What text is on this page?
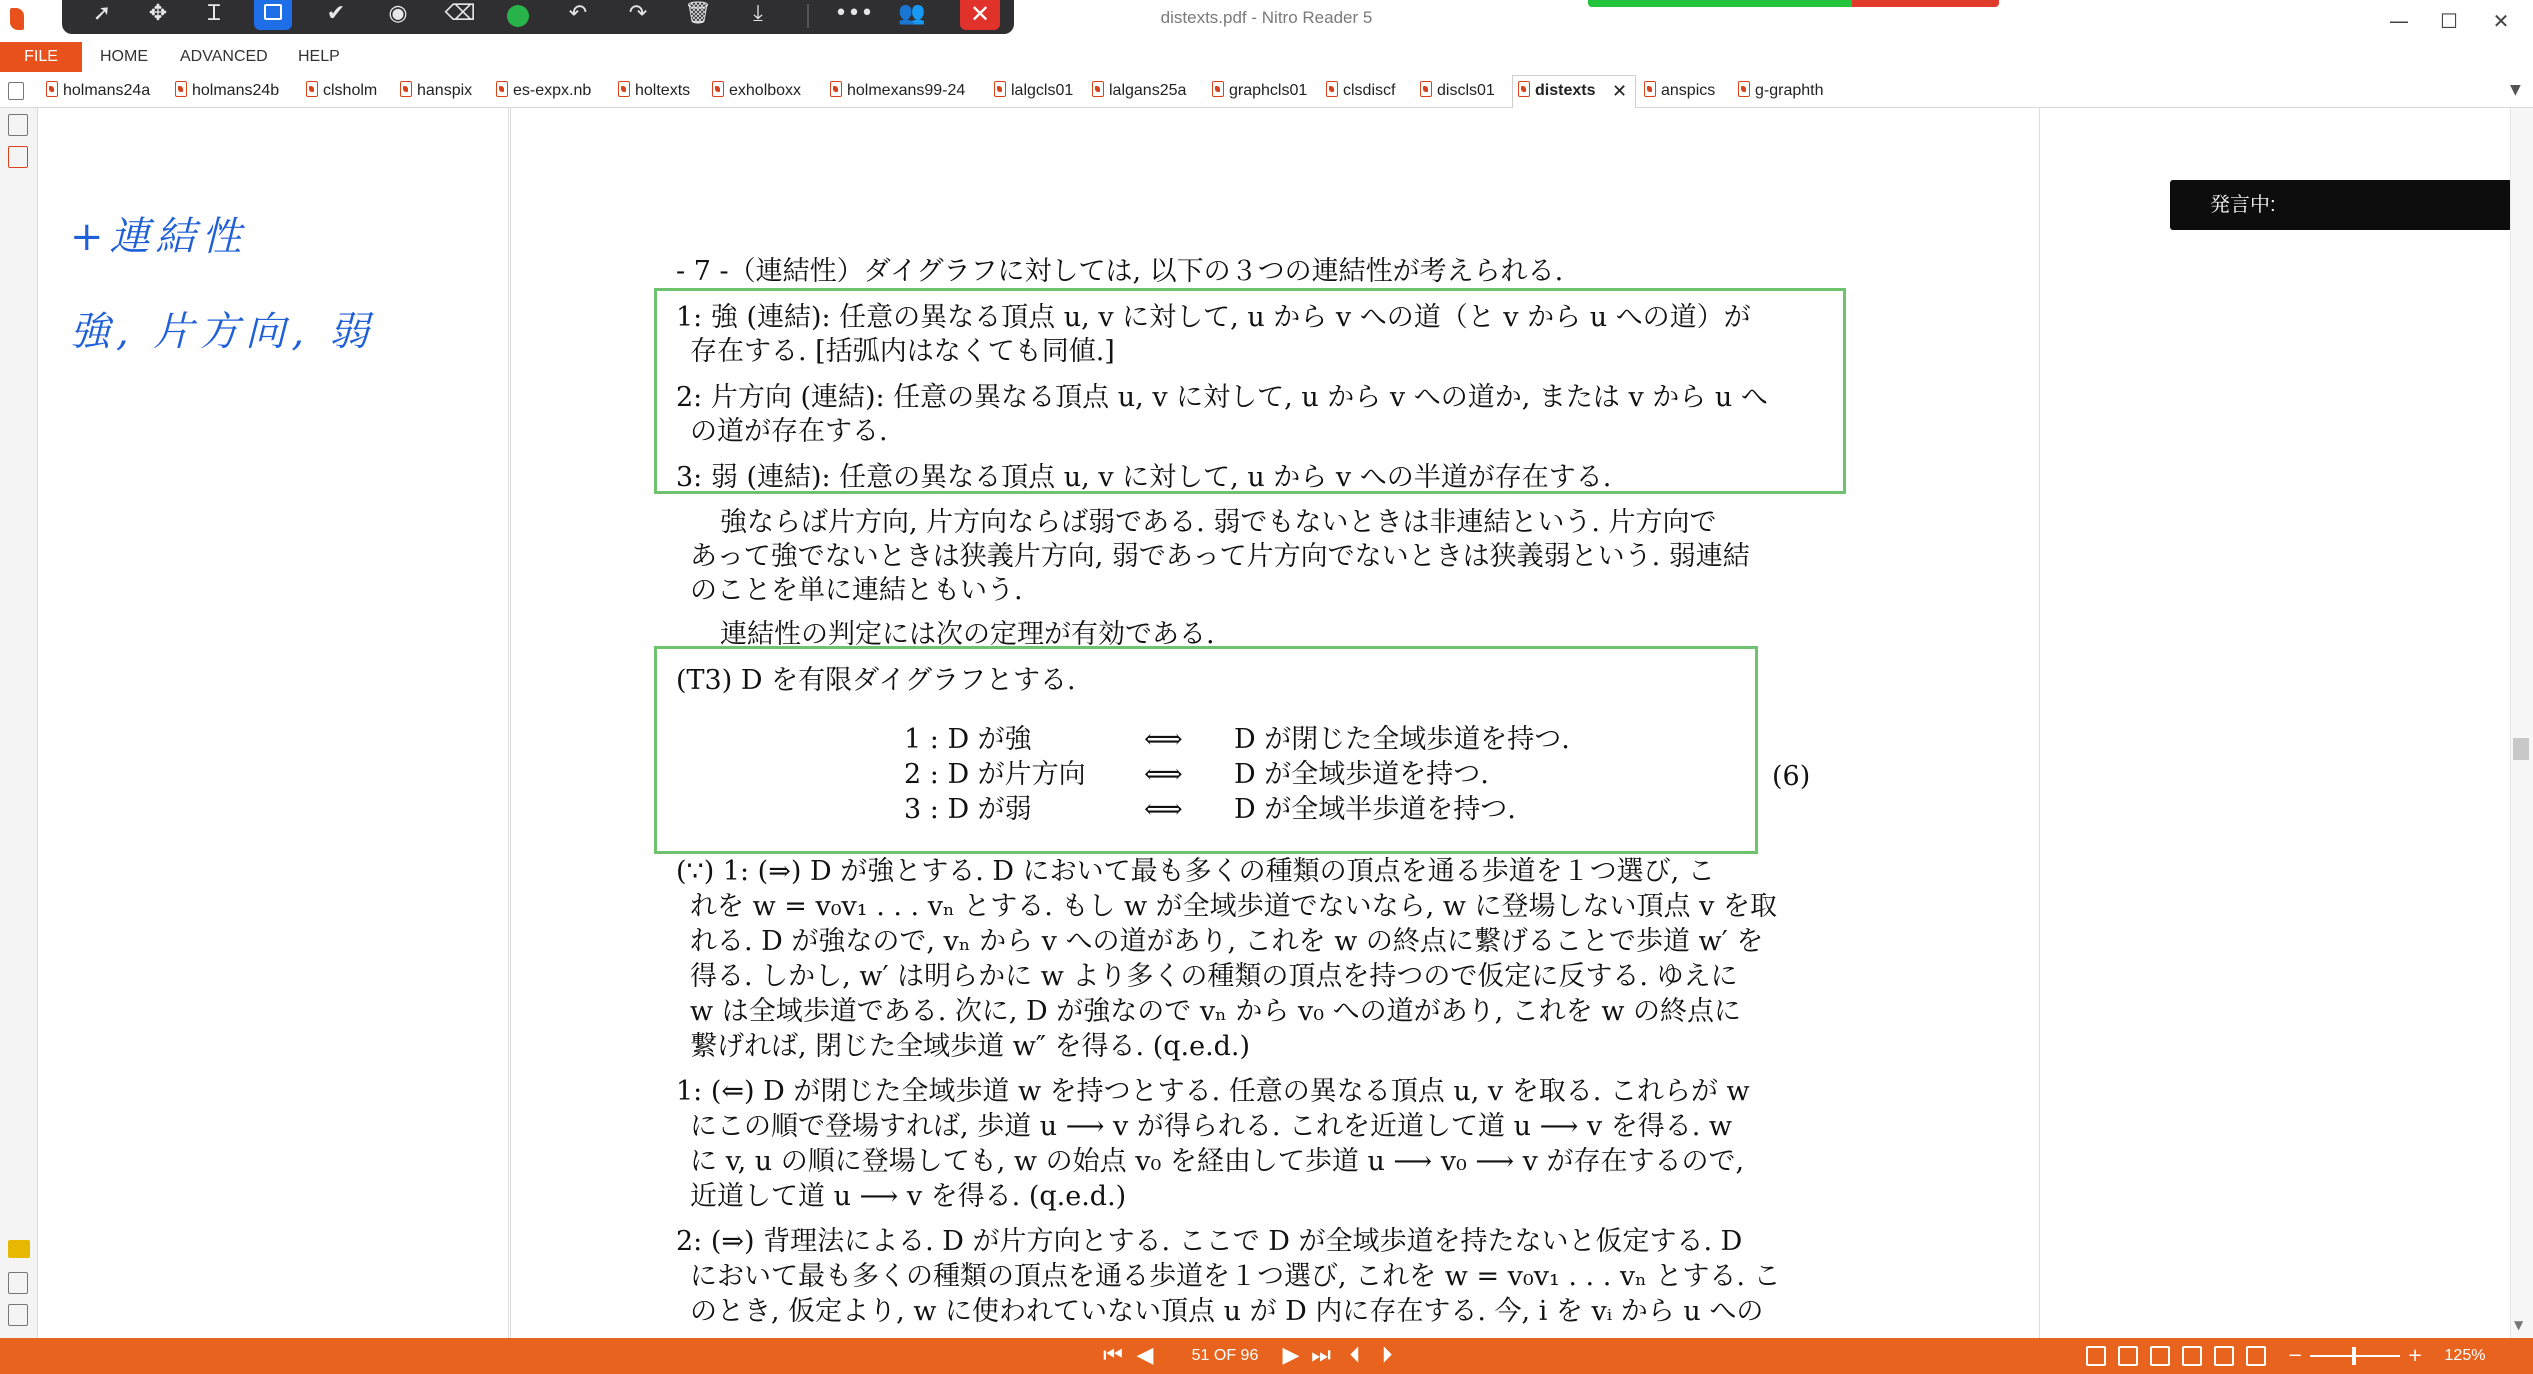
distexts.pdf - Nitro Reader 5	—	☐	✕
➚	✥	Ɪ	✔	◉	⌫	↶	↷	🗑	⤓	••• 👥	✕
FILE	HOME ADVANCED HELP
holmans24a	holmans24b	clsholm	hanspix	es-expx.nb	holtexts	exholboxx	holmexans99-24	lalgcls01	lalgans25a	graphcls01	clsdiscf	discls01	distexts ✕	anspics	g-graphth	▼
+連結性
強, 片方向, 弱
- 7 -（連結性）ダイグラフに対しては, 以下の３つの連結性が考えられる.
1: 強 (連結): 任意の異なる頂点 u, v に対して, u から v への道（と v から u への道）が
存在する. [括弧内はなくても同値.]
2: 片方向 (連結): 任意の異なる頂点 u, v に対して, u から v への道か, または v から u へ
の道が存在する.
3: 弱 (連結): 任意の異なる頂点 u, v に対して, u から v への半道が存在する.
強ならば片方向, 片方向ならば弱である. 弱でもないときは非連結という. 片方向で
あって強でないときは狭義片方向, 弱であって片方向でないときは狭義弱という. 弱連結
のことを単に連結ともいう.
連結性の判定には次の定理が有効である.
(T3) D を有限ダイグラフとする.
1 : D が強	⟺ D が閉じた全域歩道を持つ.
2 : D が片方向 ⟺ D が全域歩道を持つ.
3 : D が弱	⟺ D が全域半歩道を持つ.
(6)
(∵) 1: (⇒) D が強とする. D において最も多くの種類の頂点を通る歩道を１つ選び, こ
れを w = v₀v₁ . . . vₙ とする. もし w が全域歩道でないなら, w に登場しない頂点 v を取
れる. D が強なので, vₙ から v への道があり, これを w の終点に繋げることで歩道 w′ を
得る. しかし, w′ は明らかに w より多くの種類の頂点を持つので仮定に反する. ゆえに
w は全域歩道である. 次に, D が強なので vₙ から v₀ への道があり, これを w の終点に
繋げれば, 閉じた全域歩道 w″ を得る. (q.e.d.)
1: (⇐) D が閉じた全域歩道 w を持つとする. 任意の異なる頂点 u, v を取る. これらが w
にこの順で登場すれば, 歩道 u ⟶ v が得られる. これを近道して道 u ⟶ v を得る. w
に v, u の順に登場しても, w の始点 v₀ を経由して歩道 u ⟶ v₀ ⟶ v が存在するので,
近道して道 u ⟶ v を得る. (q.e.d.)
2: (⇒) 背理法による. D が片方向とする. ここで D が全域歩道を持たないと仮定する. D
において最も多くの種類の頂点を通る歩道を１つ選び, これを w = v₀v₁ . . . vₙ とする. こ
のとき, 仮定より, w に使われていない頂点 u が D 内に存在する. 今, i を vᵢ から u への
発言中:
▼
⏮ ◀	51 OF 96	▶ ⏭ ⏴ ⏵	−	+	125%
